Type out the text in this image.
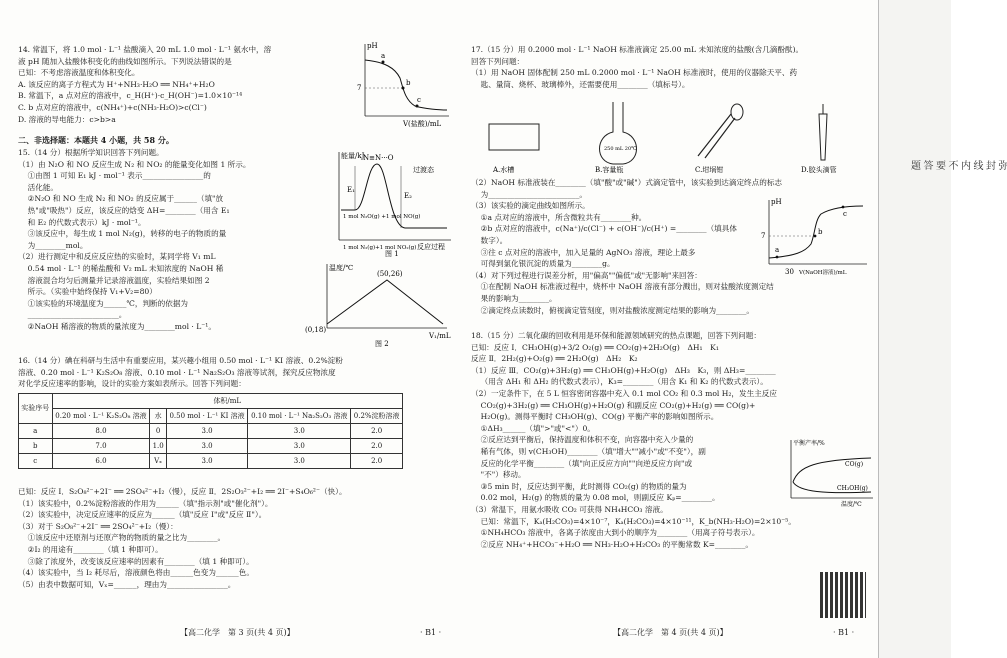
14. 常温下，将 1.0 mol · L⁻¹ 盐酸滴入 20 mL 1.0 mol · L⁻¹ 氨水中，溶
液 pH 随加入盐酸体积变化的曲线如图所示。下列说法错误的是
已知：不考虑溶液温度和体积变化。
A. 该反应的离子方程式为 H⁺+NH₃·H₂O ══ NH₄⁺+H₂O
B. 常温下，a 点对应的溶液中，c_H(H⁺)·c_H(OH⁻)=1.0×10⁻¹⁴
C. b 点对应的溶液中，c(NH₄⁺)+c(NH₃·H₂O)>c(Cl⁻)
D. 溶液的导电能力：c>b>a
二、非选择题：本题共 4 小题，共 58 分。
15.（14 分）根据所学知识回答下列问题。
（1）由 N₂O 和 NO 反应生成 N₂ 和 NO₂ 的能量变化如图 1 所示。
①由图 1 可知 E₁ kJ · mol⁻¹ 表示________________的
活化能。
②N₂O 和 NO 生成 N₂ 和 NO₂ 的反应属于______（填"放
热"或"吸热"）反应，该反应的焓变 ΔH=________（用含 E₁
和 E₂ 的代数式表示）kJ · mol⁻¹。
③该反应中，每生成 1 mol N₂(g)，转移的电子的物质的量
为________mol。
（2）进行测定中和反应反应热的实验时，某同学将 V₁ mL
0.54 mol · L⁻¹ 的稀盐酸和 V₂ mL 未知浓度的 NaOH 稀
溶液混合均匀后测量并记录溶液温度，实验结果如图 2
所示。（实验中始终保持 V₁+V₂=80）
①该实验的环境温度为______℃，判断的依据为
________________________。
②NaOH 稀溶液的物质的量浓度为________mol · L⁻¹。
16.（14 分）碘在科研与生活中有重要应用，某兴趣小组用 0.50 mol · L⁻¹ KI 溶液、0.2%淀粉
溶液、0.20 mol · L⁻¹ K₂S₂O₈ 溶液、0.10 mol · L⁻¹ Na₂S₂O₃ 溶液等试剂，探究反应物浓度
对化学反应速率的影响，设计的实验方案如表所示。回答下列问题：
pH
7
a
b
c
V(盐酸)/mL
能量/kJ
N≡N···O
过渡态
E₁
E₂
1 mol N₂O(g) +1 mol NO(g)
1 mol N₂(g)+1 mol NO₂(g) 反应过程
图 1
温度/℃
(50,26)
(0,18)
V₁/mL
图 2
实验序号	体积/mL				
	0.20 mol · L⁻¹ K₂S₂O₈ 溶液	水	0.50 mol · L⁻¹ KI 溶液	0.10 mol · L⁻¹ Na₂S₂O₃ 溶液	0.2%淀粉溶液
a	8.0	0	3.0	3.0	2.0
b	7.0	1.0	3.0	3.0	2.0
c	6.0	Vₓ	3.0	3.0	2.0
已知：反应 Ⅰ．S₂O₈²⁻+2I⁻ ══ 2SO₄²⁻+I₂（慢），反应 Ⅱ．2S₂O₃²⁻+I₂ ══ 2I⁻+S₄O₆²⁻（快）。
（1）该实验中，0.2%淀粉溶液的作用为______（填"指示剂"或"催化剂"）。
（2）该实验中，决定反应速率的反应为______（填"反应 Ⅰ"或"反应 Ⅱ"）。
（3）对于 S₂O₈²⁻+2I⁻ ══ 2SO₄²⁻+I₂（慢）：
①该反应中还原剂与还原产物的物质的量之比为________。
②I₂ 的用途有________（填 1 种即可）。
③除了浓度外，改变该反应速率的因素有________（填 1 种即可）。
（4）该实验中，当 I₂ 耗尽后，溶液颜色将由______色变为______色。
（5）由表中数据可知，Vₓ=______，理由为________________。
【高二化学　第 3 页(共 4 页)】	· B1 ·
17.（15 分）用 0.2000 mol · L⁻¹ NaOH 标准液滴定 25.00 mL 未知浓度的盐酸(含几滴酚酞)。
回答下列问题：
（1）用 NaOH 固体配制 250 mL 0.2000 mol · L⁻¹ NaOH 标准液时，使用的仪器除天平、药
匙、量筒、烧杯、玻璃棒外，还需要使用________（填标号）。
250 mL 20℃
A.水槽	B.容量瓶	C.坩埚钳	D.胶头滴管
（2）NaOH 标准液装在________（填"酸"或"碱"）式滴定管中，该实验到达滴定终点的标志
为________________________。
（3）该实验的滴定曲线如图所示。
①a 点对应的溶液中，所含微粒共有________种。
②b 点对应的溶液中，c(Na⁺)/c(Cl⁻) + c(OH⁻)/c(H⁺) =________（填具体
数字）。
③往 c 点对应的溶液中，加入足量的 AgNO₃ 溶液，理论上最多
可得到氯化银沉淀的质量为________g。
（4）对下列过程进行误差分析，用"偏高""偏低"或"无影响"来回答：
①在配制 NaOH 标准液过程中，烧杯中 NaOH 溶液有部分溅出，则对盐酸浓度测定结
果的影响为________。
②滴定终点读数时，俯视滴定管刻度，则对盐酸浓度测定结果的影响为________。
pH
7
a
b
c
30 V(NaOH溶液)/mL
18.（15 分）二氧化碳的回收利用是环保和能源领域研究的热点课题，回答下列问题：
已知：反应 Ⅰ．CH₃OH(g)+3/2 O₂(g) ══ CO₂(g)+2H₂O(g)　ΔH₁　K₁
反应 Ⅱ．2H₂(g)+O₂(g) ══ 2H₂O(g)　ΔH₂　K₂
（1）反应 Ⅲ．CO₂(g)+3H₂(g) ══ CH₃OH(g)+H₂O(g)　ΔH₃　K₃，则 ΔH₃=________
（用含 ΔH₁ 和 ΔH₂ 的代数式表示），K₃=________（用含 K₁ 和 K₂ 的代数式表示）。
（2）一定条件下，在 5 L 恒容密闭容器中充入 0.1 mol CO₂ 和 0.3 mol H₂，发生主反应
CO₂(g)+3H₂(g) ══ CH₃OH(g)+H₂O(g) 和副反应 CO₂(g)+H₂(g) ══ CO(g)+
H₂O(g)。测得平衡时 CH₃OH(g)、CO(g) 平衡产率的影响如图所示。
①ΔH₃______（填">"或"<"）0。
②反应达到平衡后，保持温度和体积不变，向容器中充入少量的
稀有气体，则 v(CH₃OH)________（填"增大""减小"或"不变"），副
反应的化学平衡________（填"向正反应方向""向逆反应方向"或
"不"）移动。
③5 min 时，反应达到平衡，此时测得 CO₂(g) 的物质的量为
0.02 mol，H₂(g) 的物质的量为 0.08 mol，则副反应 Kₚ=________。
（3）常温下，用氨水吸收 CO₂ 可获得 NH₄HCO₃ 溶液。
已知：常温下，Kₐ(H₂CO₃)=4×10⁻⁷，Kₐ(H₂CO₃)=4×10⁻¹¹，K_b(NH₃·H₂O)=2×10⁻⁵。
①NH₄HCO₃ 溶液中，各离子浓度由大到小的顺序为________（用离子符号表示）。
②反应 NH₄⁺+HCO₃⁻+H₂O ══ NH₃·H₂O+H₂CO₃ 的平衡常数 K=________。
平衡产率/%
CO(g)
CH₃OH(g)
温度/℃
【高二化学　第 4 页(共 4 页)】	· B1 ·
弥
封
线
内
不
要
答
题
